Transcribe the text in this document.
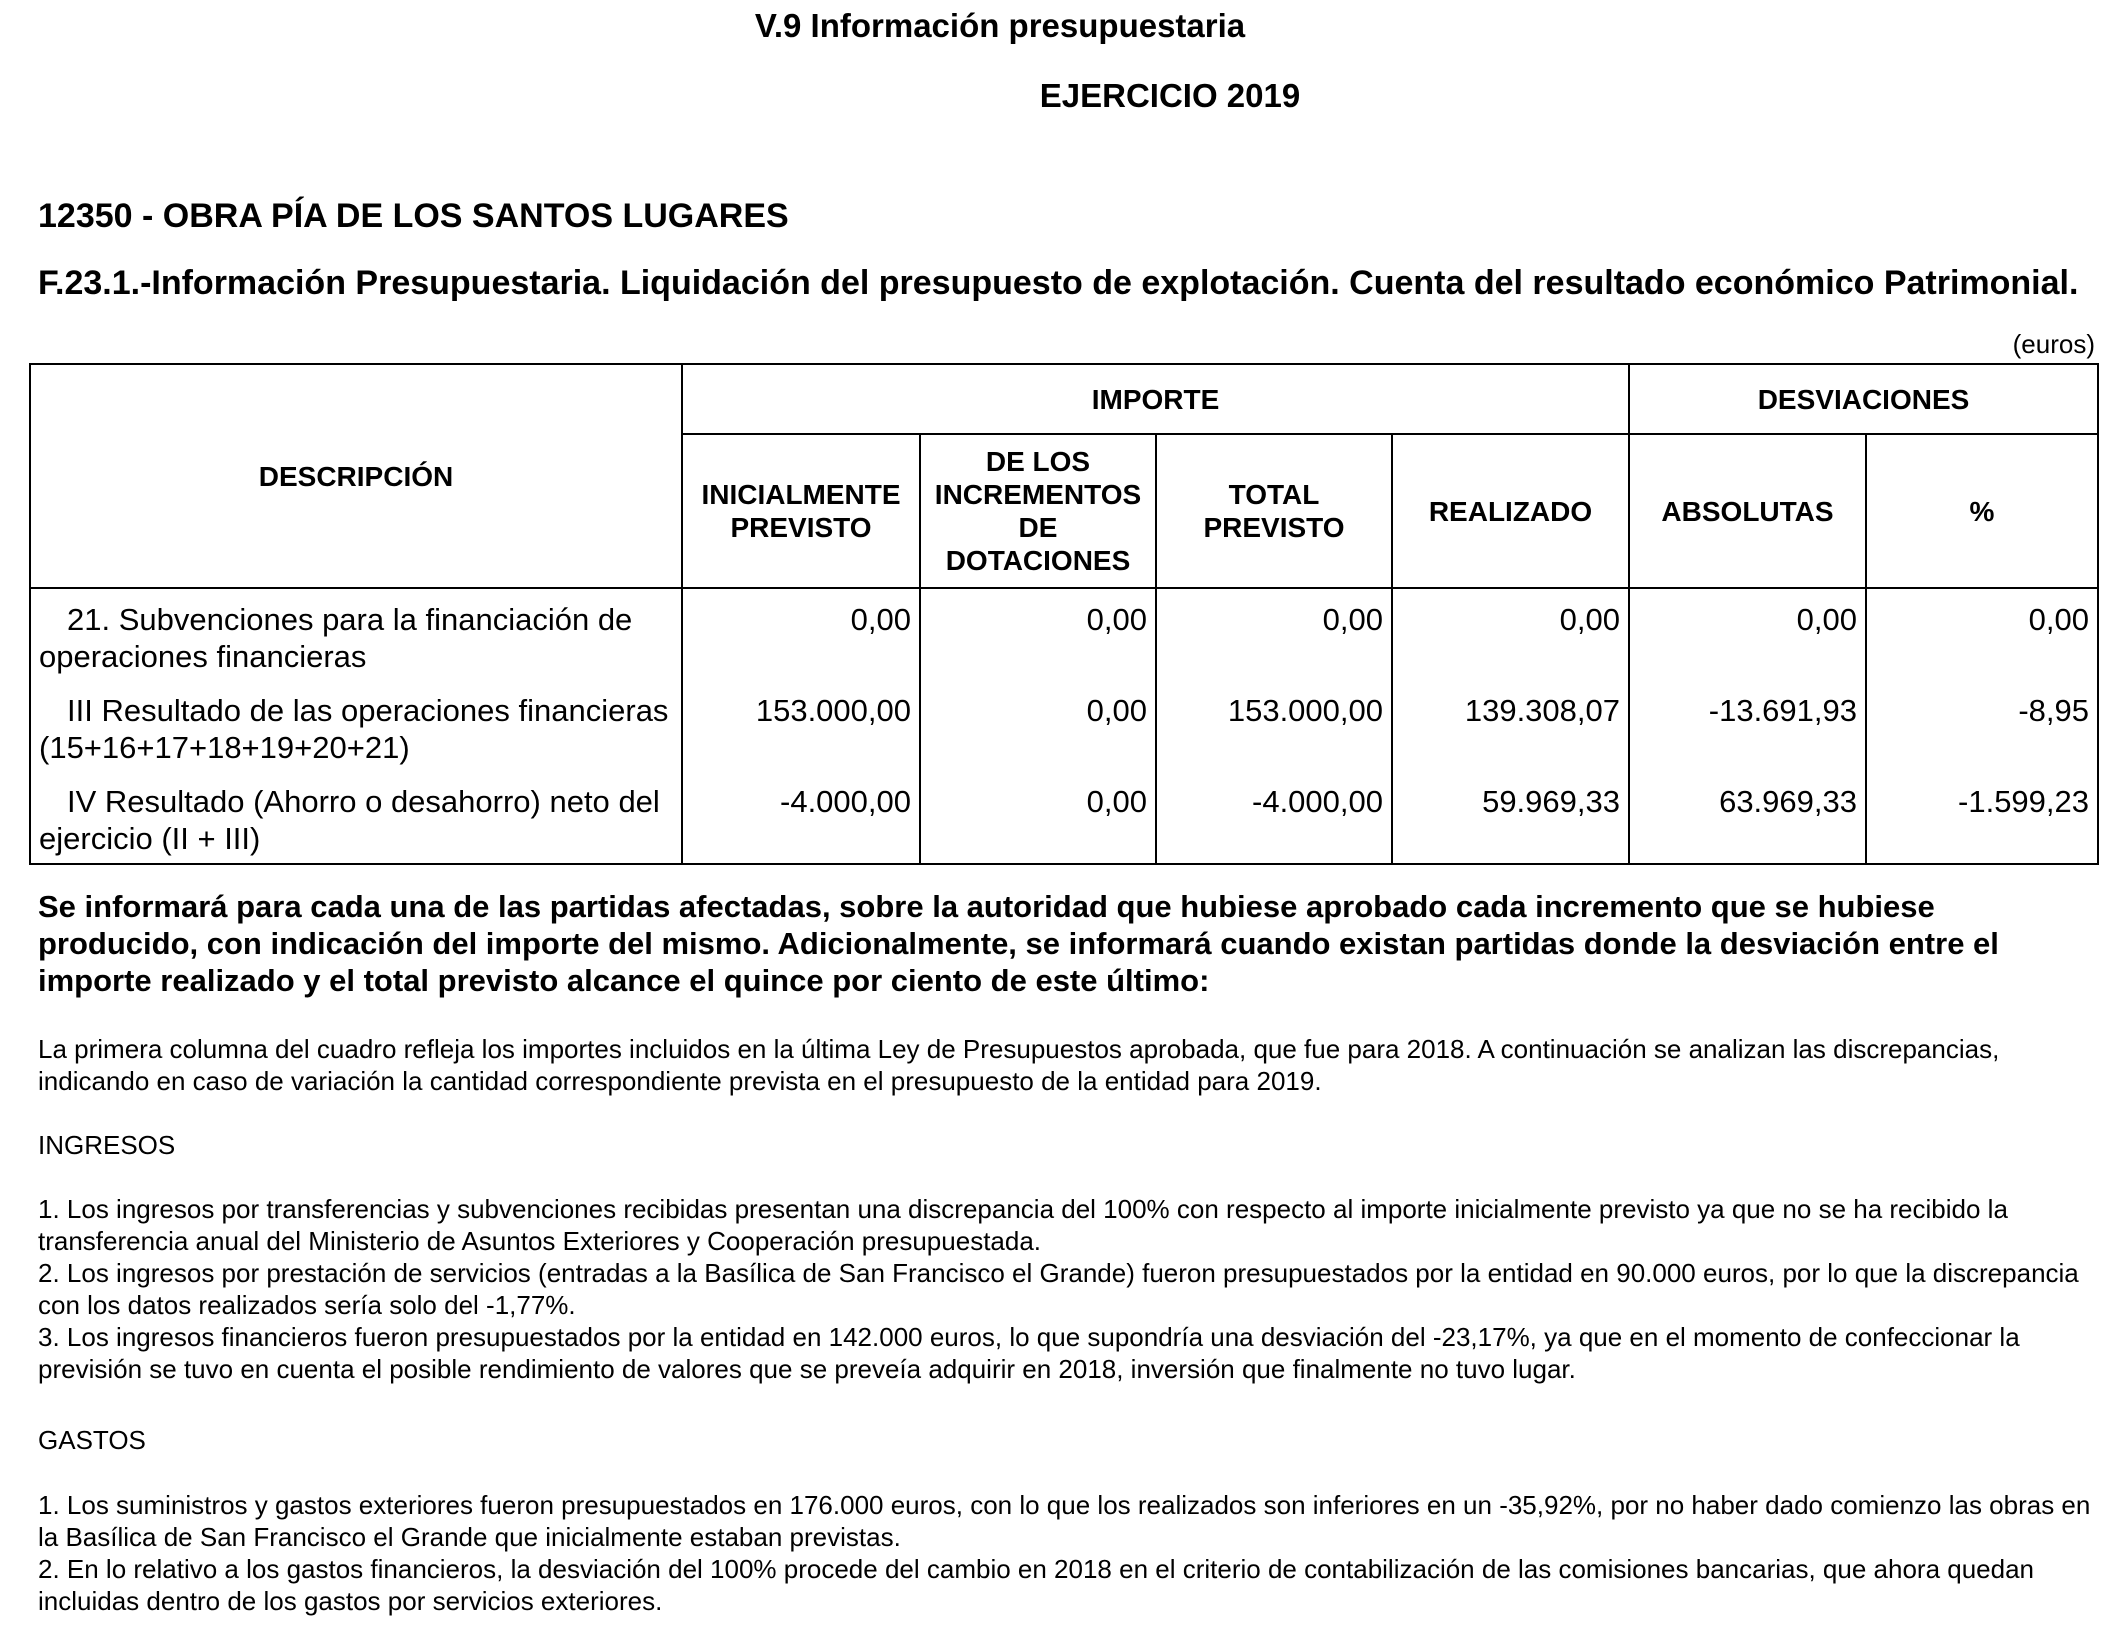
V.9 Información presupuestaria
EJERCICIO 2019
12350 - OBRA PÍA DE LOS SANTOS LUGARES
F.23.1.-Información Presupuestaria. Liquidación del presupuesto de explotación. Cuenta del resultado económico Patrimonial.
(euros)
DESCRIPCIÓN	IMPORTE				DESVIACIONES	
	INICIALMENTE PREVISTO	DE LOS INCREMENTOS DE DOTACIONES	TOTAL PREVISTO	REALIZADO	ABSOLUTAS	%
21. Subvenciones para la financiación de operaciones financieras	0,00	0,00	0,00	0,00	0,00	0,00
III Resultado de las operaciones financieras (15+16+17+18+19+20+21)	153.000,00	0,00	153.000,00	139.308,07	-13.691,93	-8,95
IV Resultado (Ahorro o desahorro) neto del ejercicio (II + III)	-4.000,00	0,00	-4.000,00	59.969,33	63.969,33	-1.599,23
Se informará para cada una de las partidas afectadas, sobre la autoridad que hubiese aprobado cada incremento que se hubiese producido, con indicación del importe del mismo. Adicionalmente, se informará cuando existan partidas donde la desviación entre el importe realizado y el total previsto alcance el quince por ciento de este último:

La primera columna del cuadro refleja los importes incluidos en la última Ley de Presupuestos aprobada, que fue para 2018. A continuación se analizan las discrepancias, indicando en caso de variación la cantidad correspondiente prevista en el presupuesto de la entidad para 2019.

INGRESOS

1. Los ingresos por transferencias y subvenciones recibidas presentan una discrepancia del 100% con respecto al importe inicialmente previsto ya que no se ha recibido la transferencia anual del Ministerio de Asuntos Exteriores y Cooperación presupuestada.

2. Los ingresos por prestación de servicios (entradas a la Basílica de San Francisco el Grande) fueron presupuestados por la entidad en 90.000 euros, por lo que la discrepancia con los datos realizados sería solo del -1,77%.

3. Los ingresos financieros fueron presupuestados por la entidad en 142.000 euros, lo que supondría una desviación del -23,17%, ya que en el momento de confeccionar la previsión se tuvo en cuenta el posible rendimiento de valores que se preveía adquirir en 2018, inversión que finalmente no tuvo lugar.

GASTOS

1. Los suministros y gastos exteriores fueron presupuestados en 176.000 euros, con lo que los realizados son inferiores en un -35,92%, por no haber dado comienzo las obras en la Basílica de San Francisco el Grande que inicialmente estaban previstas.

2. En lo relativo a los gastos financieros, la desviación del 100% procede del cambio en 2018 en el criterio de contabilización de las comisiones bancarias, que ahora quedan incluidas dentro de los gastos por servicios exteriores.
